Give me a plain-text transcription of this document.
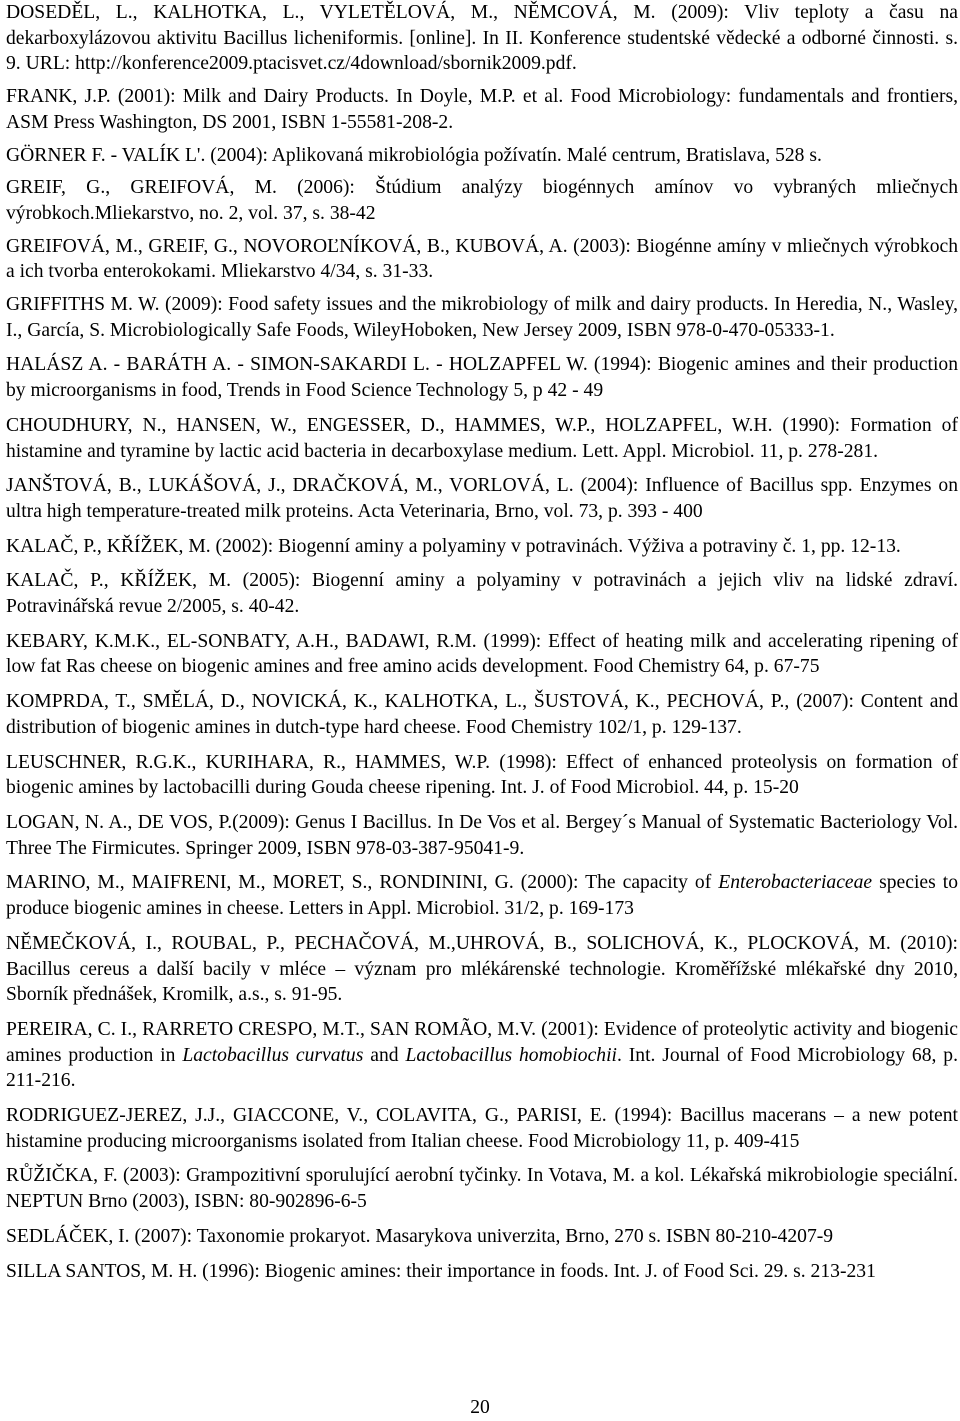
DOSEDĚL, L., KALHOTKA, L., VYLETĚLOVÁ, M., NĚMCOVÁ, M. (2009): Vliv teploty a času na dekarboxylázovou aktivitu Bacillus licheniformis. [online]. In II. Konference studentské vědecké a odborné činnosti. s. 9. URL: http://konference2009.ptacisvet.cz/4download/sbornik2009.pdf.

FRANK, J.P. (2001): Milk and Dairy Products. In Doyle, M.P. et al. Food Microbiology: fundamentals and frontiers, ASM Press Washington, DS 2001, ISBN 1-55581-208-2.

GÖRNER F. - VALÍK L'. (2004): Aplikovaná mikrobiológia požívatín. Malé centrum, Bratislava, 528 s.

GREIF, G., GREIFOVÁ, M. (2006): Štúdium analýzy biogénnych amínov vo vybraných mliečnych výrobkoch.Mliekarstvo, no. 2, vol. 37, s. 38-42

GREIFOVÁ, M., GREIF, G., NOVOROĽNÍKOVÁ, B., KUBOVÁ, A. (2003): Biogénne amíny v mliečnych výrobkoch a ich tvorba enterokokami. Mliekarstvo 4/34, s. 31-33.

GRIFFITHS M. W. (2009): Food safety issues and the mikrobiology of milk and dairy products. In Heredia, N., Wasley, I., García, S. Microbiologically Safe Foods, WileyHoboken, New Jersey 2009, ISBN 978-0-470-05333-1.

HALÁSZ A. - BARÁTH A. - SIMON-SAKARDI L. - HOLZAPFEL W. (1994): Biogenic amines and their production by microorganisms in food, Trends in Food Science Technology 5, p 42 - 49

CHOUDHURY, N., HANSEN, W., ENGESSER, D., HAMMES, W.P., HOLZAPFEL, W.H. (1990): Formation of histamine and tyramine by lactic acid bacteria in decarboxylase medium. Lett. Appl. Microbiol. 11, p. 278-281.

JANŠTOVÁ, B., LUKÁŠOVÁ, J., DRAČKOVÁ, M., VORLOVÁ, L. (2004): Influence of Bacillus spp. Enzymes on ultra high temperature-treated milk proteins. Acta Veterinaria, Brno, vol. 73, p. 393 - 400

KALAČ, P., KŘÍŽEK, M. (2002): Biogenní aminy a polyaminy v potravinách. Výživa a potraviny č. 1, pp. 12-13.

KALAČ, P., KŘÍŽEK, M. (2005): Biogenní aminy a polyaminy v potravinách a jejich vliv na lidské zdraví. Potravinářská revue 2/2005, s. 40-42.

KEBARY, K.M.K., EL-SONBATY, A.H., BADAWI, R.M. (1999): Effect of heating milk and accelerating ripening of low fat Ras cheese on biogenic amines and free amino acids development. Food Chemistry 64, p. 67-75

KOMPRDA, T., SMĚLÁ, D., NOVICKÁ, K., KALHOTKA, L., ŠUSTOVÁ, K., PECHOVÁ, P., (2007): Content and distribution of biogenic amines in dutch-type hard cheese. Food Chemistry 102/1, p. 129-137.

LEUSCHNER, R.G.K., KURIHARA, R., HAMMES, W.P. (1998): Effect of enhanced proteolysis on formation of biogenic amines by lactobacilli during Gouda cheese ripening. Int. J. of Food Microbiol. 44, p. 15-20

LOGAN, N. A., DE VOS, P.(2009): Genus I Bacillus. In De Vos et al. Bergey´s Manual of Systematic Bacteriology Vol. Three The Firmicutes. Springer 2009, ISBN 978-03-387-95041-9.

MARINO, M., MAIFRENI, M., MORET, S., RONDININI, G. (2000): The capacity of Enterobacteriaceae species to produce biogenic amines in cheese. Letters in Appl. Microbiol. 31/2, p. 169-173

NĚMEČKOVÁ, I., ROUBAL, P., PECHAČOVÁ, M.,UHROVÁ, B., SOLICHOVÁ, K., PLOCKOVÁ, M. (2010): Bacillus cereus a další bacily v mléce – význam pro mlékárenské technologie. Kroměřížské mlékařské dny 2010, Sborník přednášek, Kromilk, a.s., s. 91-95.

PEREIRA, C. I., RARRETO CRESPO, M.T., SAN ROMÃO, M.V. (2001): Evidence of proteolytic activity and biogenic amines production in Lactobacillus curvatus and Lactobacillus homobiochii. Int. Journal of Food Microbiology 68, p. 211-216.

RODRIGUEZ-JEREZ, J.J., GIACCONE, V., COLAVITA, G., PARISI, E. (1994): Bacillus macerans – a new potent histamine producing microorganisms isolated from Italian cheese. Food Microbiology 11, p. 409-415

RŮŽIČKA, F. (2003): Grampozitivní sporulující aerobní tyčinky. In Votava, M. a kol. Lékařská mikrobiologie speciální. NEPTUN Brno (2003), ISBN: 80-902896-6-5

SEDLÁČEK, I. (2007): Taxonomie prokaryot. Masarykova univerzita, Brno, 270 s. ISBN 80-210-4207-9

SILLA SANTOS, M. H. (1996): Biogenic amines: their importance in foods. Int. J. of Food Sci. 29. s. 213-231

20
